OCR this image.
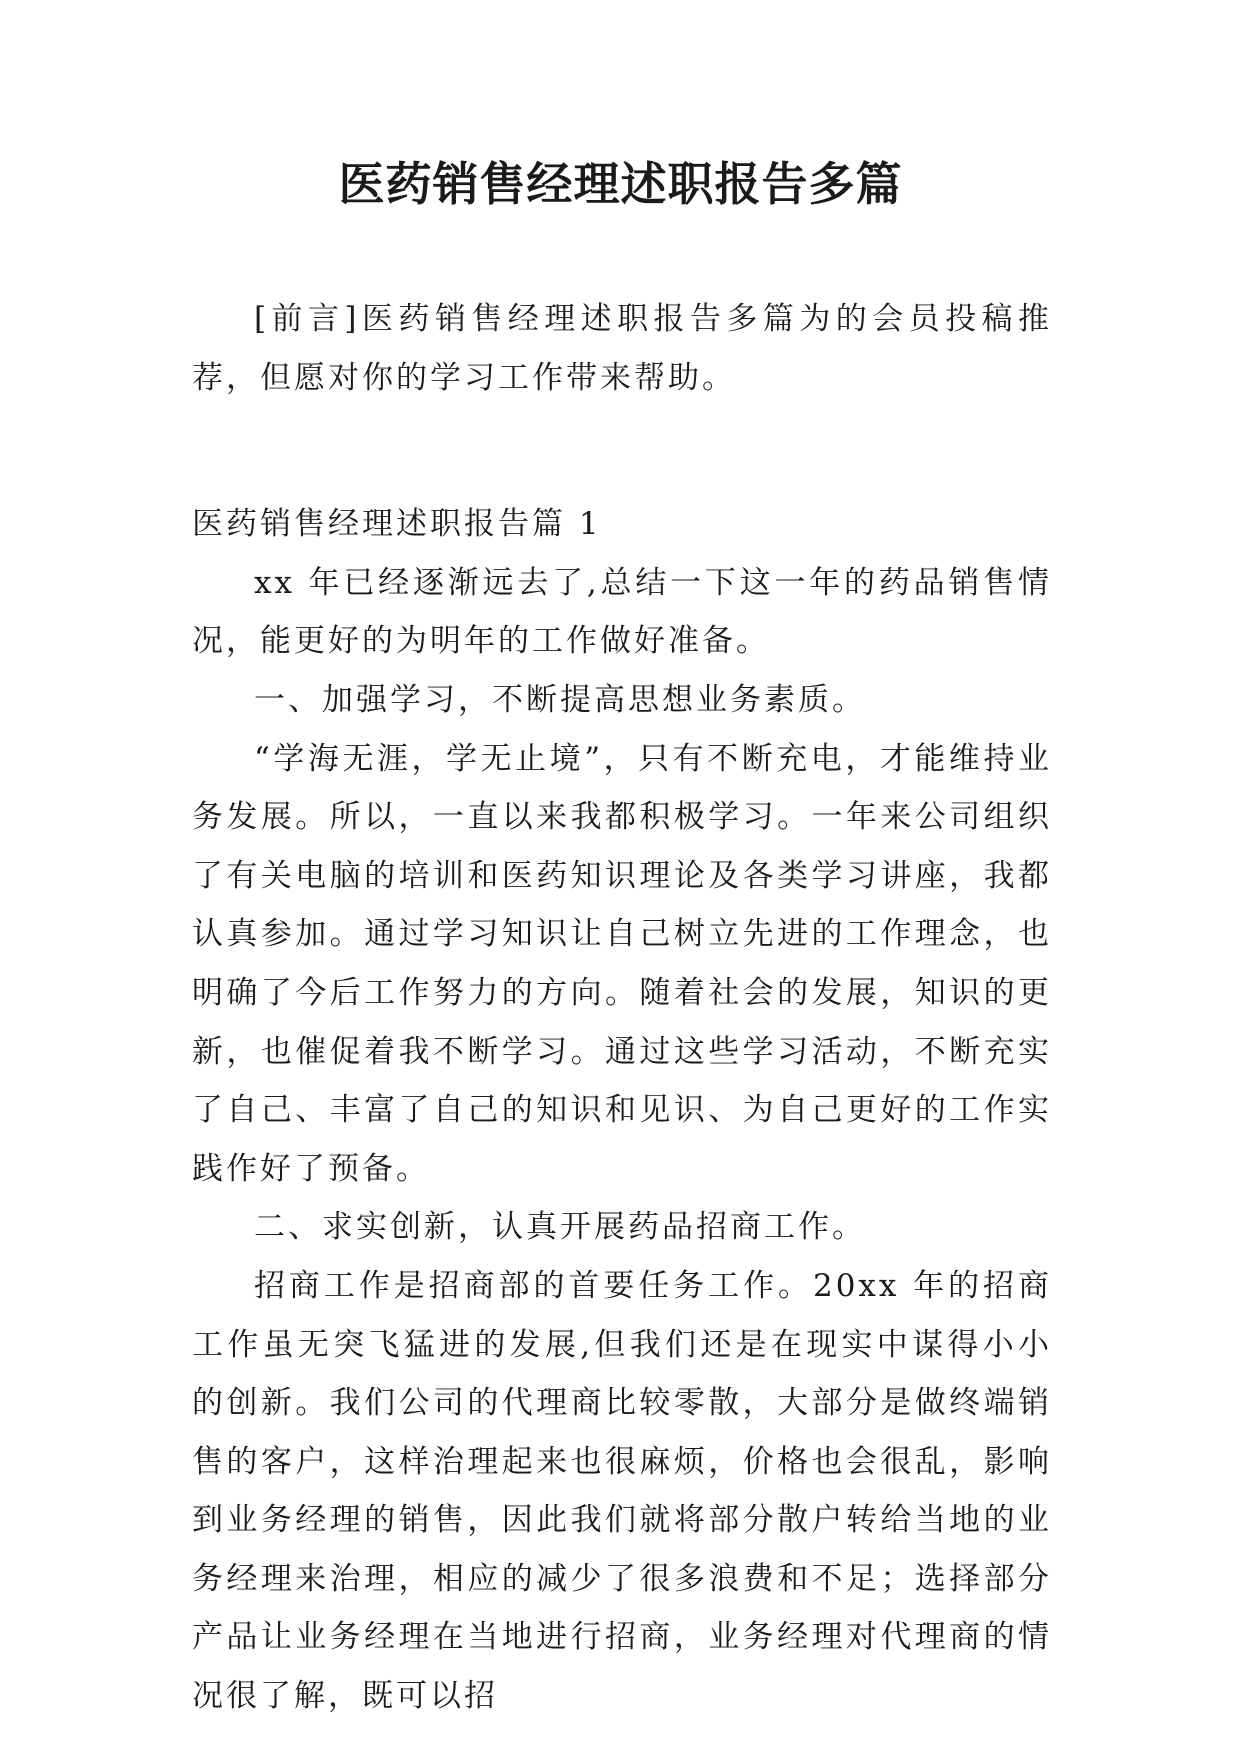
医药销售经理述职报告多篇

[前言]医药销售经理述职报告多篇为的会员投稿推荐，但愿对你的学习工作带来帮助。

医药销售经理述职报告篇 1

xx 年已经逐渐远去了,总结一下这一年的药品销售情况，能更好的为明年的工作做好准备。

一、加强学习，不断提高思想业务素质。

“学海无涯，学无止境”，只有不断充电，才能维持业务发展。所以，一直以来我都积极学习。一年来公司组织了有关电脑的培训和医药知识理论及各类学习讲座，我都认真参加。通过学习知识让自己树立先进的工作理念，也明确了今后工作努力的方向。随着社会的发展，知识的更新，也催促着我不断学习。通过这些学习活动，不断充实了自己、丰富了自己的知识和见识、为自己更好的工作实践作好了预备。

二、求实创新，认真开展药品招商工作。

招商工作是招商部的首要任务工作。20xx 年的招商工作虽无突飞猛进的发展,但我们还是在现实中谋得小小的创新。我们公司的代理商比较零散，大部分是做终端销售的客户，这样治理起来也很麻烦，价格也会很乱，影响到业务经理的销售，因此我们就将部分散户转给当地的业务经理来治理，相应的减少了很多浪费和不足；选择部分产品让业务经理在当地进行招商，业务经理对代理商的情况很了解，既可以招
